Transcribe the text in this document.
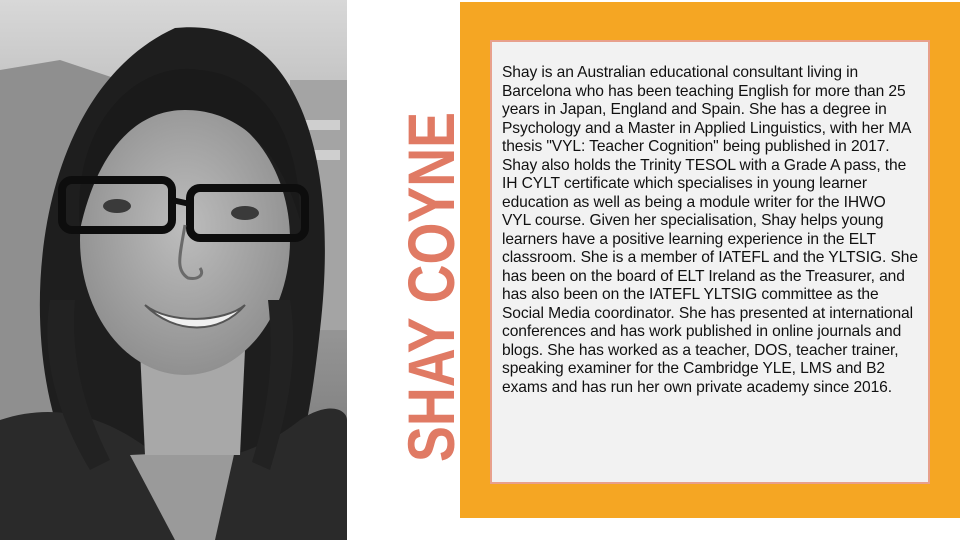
SHAY COYNE Shay is an Australian educational consultant living in Barcelona who has been teaching English for more than 25 years in Japan, England and Spain. She has a degree in Psychology and a Master in Applied Linguistics, with her MA thesis "VYL: Teacher Cognition" being published in 2017. Shay also holds the Trinity TESOL with a Grade A pass, the IH CYLT certificate which specialises in young learner education as well as being a module writer for the IHWO VYL course. Given her specialisation, Shay helps young learners have a positive learning experience in the ELT classroom. She is a member of IATEFL and the YLTSIG. She has been on the board of ELT Ireland as the Treasurer, and has also been on the IATEFL YLTSIG committee as the Social Media coordinator. She has presented at international conferences and has work published in online journals and blogs. She has worked as a teacher, DOS, teacher trainer, speaking examiner for the Cambridge YLE, LMS and B2 exams and has run her own private academy since 2016.
